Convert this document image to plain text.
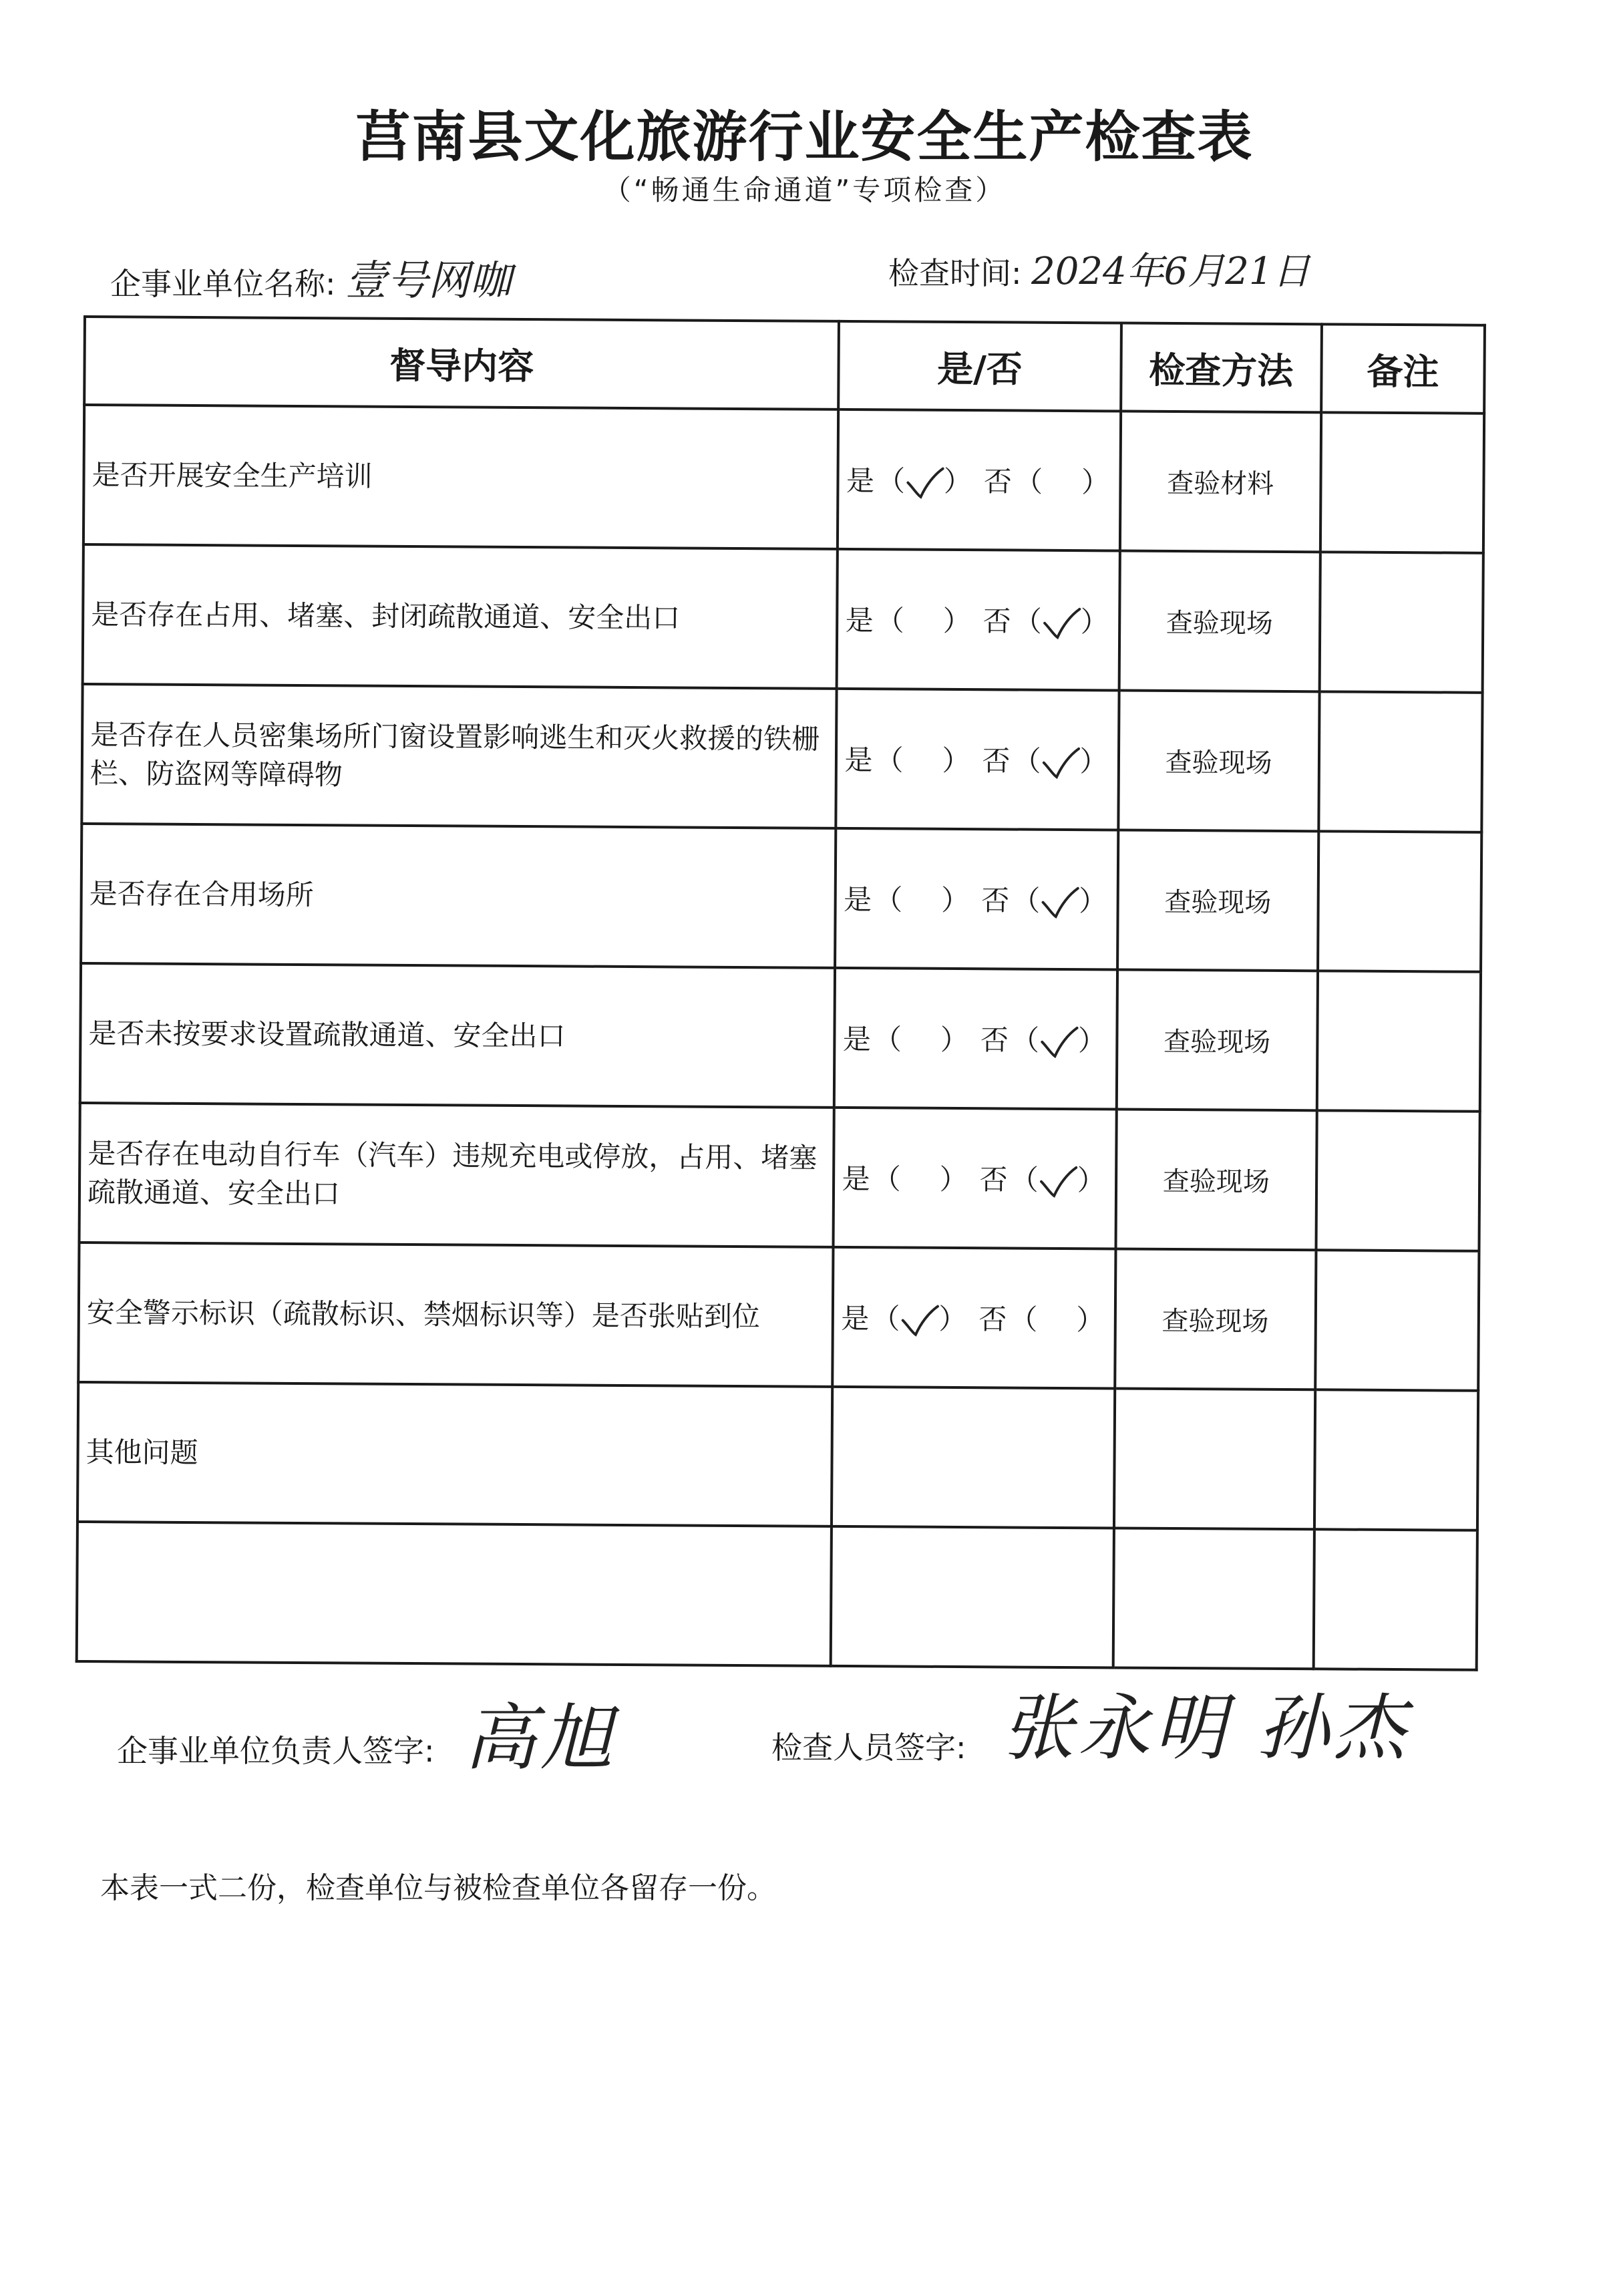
莒南县文化旅游行业安全生产检查表
（“畅通生命通道”专项检查）
企事业单位名称: 壹号网咖	检查时间: 2024年6月21日
督导内容	是/否	检查方法	备注
是否开展安全生产培训	是（ ） 否（ ）	查验材料	
是否存在占用、堵塞、封闭疏散通道、安全出口	是（ ） 否（ ）	查验现场	
是否存在人员密集场所门窗设置影响逃生和灭火救援的铁栅栏、防盗网等障碍物	是（ ） 否（ ）	查验现场	
是否存在合用场所	是（ ） 否（ ）	查验现场	
是否未按要求设置疏散通道、安全出口	是（ ） 否（ ）	查验现场	
是否存在电动自行车（汽车）违规充电或停放，占用、堵塞疏散通道、安全出口	是（ ） 否（ ）	查验现场	
安全警示标识（疏散标识、禁烟标识等）是否张贴到位	是（ ） 否（ ）	查验现场	
其他问题			

企事业单位负责人签字: 高旭	检查人员签字: 张永明 孙杰
本表一式二份，检查单位与被检查单位各留存一份。
